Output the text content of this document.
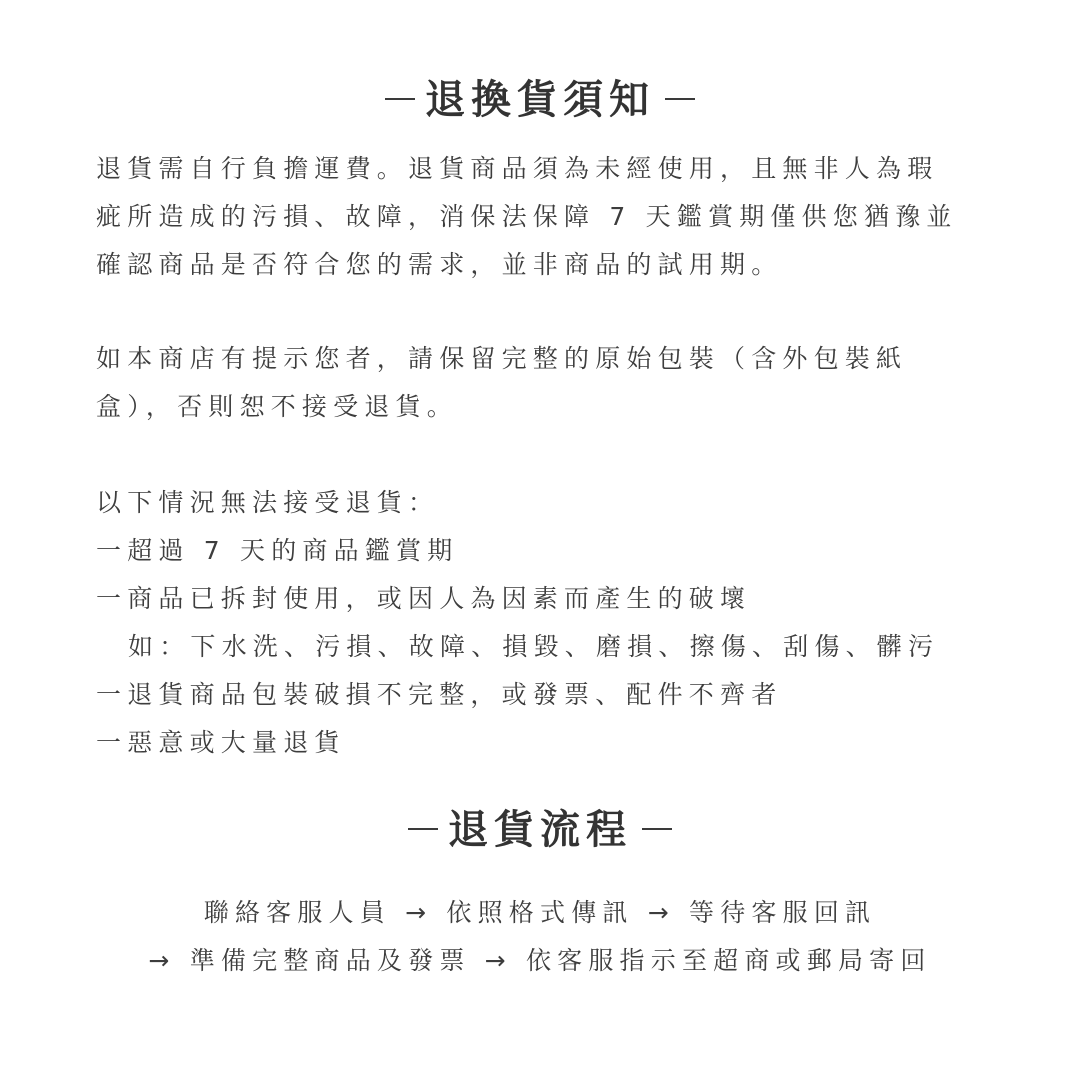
退換貨須知
退貨需自行負擔運費。退貨商品須為未經使用，且無非人為瑕
疵所造成的污損、故障，消保法保障 7 天鑑賞期僅供您猶豫並
確認商品是否符合您的需求，並非商品的試用期。
如本商店有提示您者，請保留完整的原始包裝（含外包裝紙
盒），否則恕不接受退貨。
以下情況無法接受退貨：
一超過 7 天的商品鑑賞期
一商品已拆封使用，或因人為因素而產生的破壞
如：下水洗、污損、故障、損毀、磨損、擦傷、刮傷、髒污
一退貨商品包裝破損不完整，或發票、配件不齊者
一惡意或大量退貨
退貨流程
聯絡客服人員 → 依照格式傳訊 → 等待客服回訊
→ 準備完整商品及發票 → 依客服指示至超商或郵局寄回
